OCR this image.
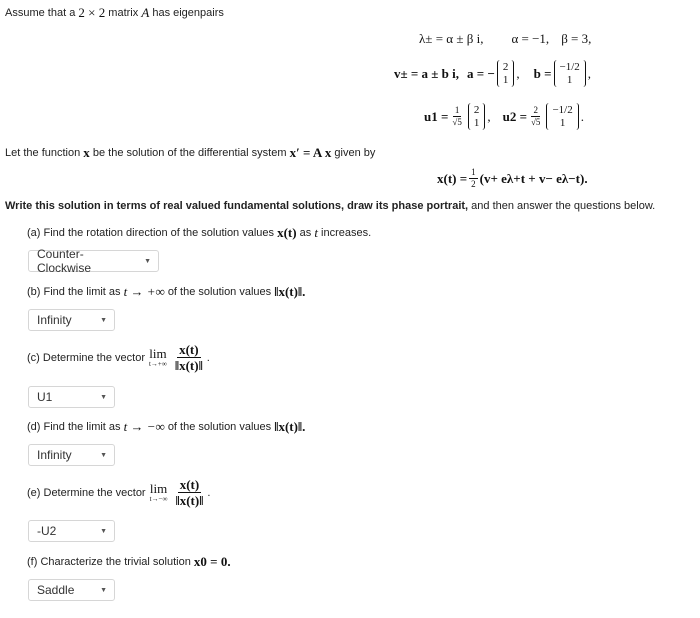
Assume that a
2 × 2
matrix
A
has eigenpairs
λ± = α ± β i, α = −1, β = 3,
v± = a ± b i, a = − 2
1 , b = −1/2
1 ,
$u1 = \frac{1}{√5} 2$
1 , $u2 = \frac{2}{√5} -1/2$
1 .
Let the function
x
be the solution of the differential system
x′ = A x
given by
$x(t) = \frac{1}{2} (v+ e\lambda+t + v- e\lambda-t)$.
Write this solution in terms of real valued fundamental solutions, draw its phase portrait, and then answer the questions below.
(a) Find the rotation direction of the solution values
x(t)
as
t
increases.
Counter-Clockwise	▼
(b) Find the limit as
t → +∞
of the solution values
‖x(t)‖.
Infinity	▼
(c) Determine the vector lim
$t\to+\infty \frac{x(t)}{‖x(t)‖}$ .
U1	▼
(d) Find the limit as
t → −∞
of the solution values
‖x(t)‖.
Infinity	▼
(e) Determine the vector lim
$t\to-\infty \frac{x(t)}{‖x(t)‖}$ .
-U2	▼
(f) Characterize the trivial solution
x0 = 0.
Saddle	▼
